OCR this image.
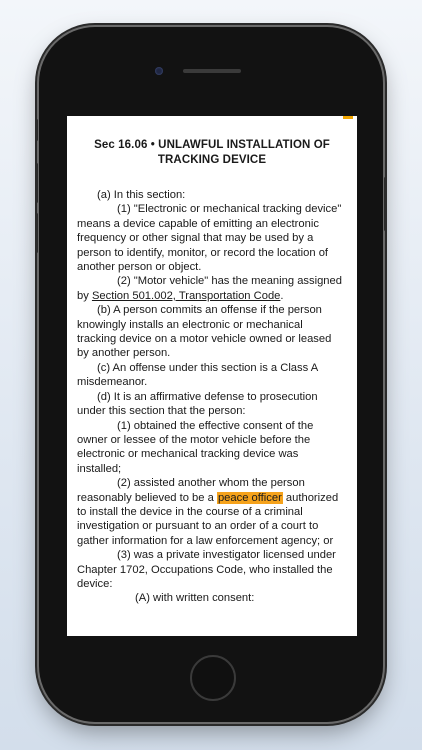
Sec 16.06 • UNLAWFUL INSTALLATION OF TRACKING DEVICE

(a) In this section:

(1) "Electronic or mechanical tracking device" means a device capable of emitting an electronic frequency or other signal that may be used by a person to identify, monitor, or record the location of another person or object.

(2) "Motor vehicle" has the meaning assigned by Section 501.002, Transportation Code.

(b) A person commits an offense if the person knowingly installs an electronic or mechanical tracking device on a motor vehicle owned or leased by another person.

(c) An offense under this section is a Class A misdemeanor.

(d) It is an affirmative defense to prosecution under this section that the person:

(1) obtained the effective consent of the owner or lessee of the motor vehicle before the electronic or mechanical tracking device was installed;

(2) assisted another whom the person reasonably believed to be a peace officer authorized to install the device in the course of a criminal investigation or pursuant to an order of a court to gather information for a law enforcement agency; or

(3) was a private investigator licensed under Chapter 1702, Occupations Code, who installed the device:

(A) with written consent:
